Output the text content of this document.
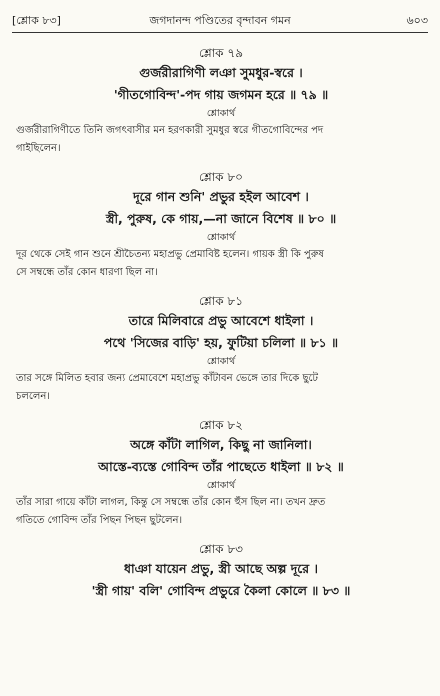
[শ্লোক ৮৩]	জগদানন্দ পণ্ডিতের বৃন্দাবন গমন	৬০৩

শ্লোক ৭৯

গুর্জরীরাগিণী লঞা সুমধুর-স্বরে ।

'গীতগোবিন্দ'-পদ গায় জগমন হরে ॥ ৭৯ ॥

শ্লোকার্থ

গুর্জরীরাগিণীতে তিনি জগৎবাসীর মন হরণকারী সুমধুর স্বরে গীতগোবিন্দের পদ

গাইছিলেন।

শ্লোক ৮০

দূরে গান শুনি' প্রভুর হইল আবেশ ।

স্ত্রী, পুরুষ, কে গায়,—না জানে বিশেষ ॥ ৮০ ॥

শ্লোকার্থ

দূর থেকে সেই গান শুনে শ্রীচৈতন্য মহাপ্রভু প্রেমাবিষ্ট হলেন। গায়ক স্ত্রী কি পুরুষ

সে সম্বন্ধে তাঁর কোন ধারণা ছিল না।

শ্লোক ৮১

তারে মিলিবারে প্রভু আবেশে ধাইলা ।

পথে 'সিজের বাড়ি' হয়, ফুটিয়া চলিলা ॥ ৮১ ॥

শ্লোকার্থ

তার সঙ্গে মিলিত হবার জন্য প্রেমাবেশে মহাপ্রভু কাঁটাবন ভেঙ্গে তার দিকে ছুটে

চললেন।

শ্লোক ৮২

অঙ্গে কাঁটা লাগিল, কিছু না জানিলা।

আস্তে-ব্যস্তে গোবিন্দ তাঁর পাছেতে ধাইলা ॥ ৮২ ॥

শ্লোকার্থ

তাঁর সারা গায়ে কাঁটা লাগল, কিন্তু সে সম্বন্ধে তাঁর কোন হুঁস ছিল না। তখন দ্রুত

গতিতে গোবিন্দ তাঁর পিছন পিছন ছুটলেন।

শ্লোক ৮৩

ধাঞা যায়েন প্রভু, স্ত্রী আছে অল্প দূরে ।

'স্ত্রী গায়' বলি' গোবিন্দ প্রভুরে কৈলা কোলে ॥ ৮৩ ॥
